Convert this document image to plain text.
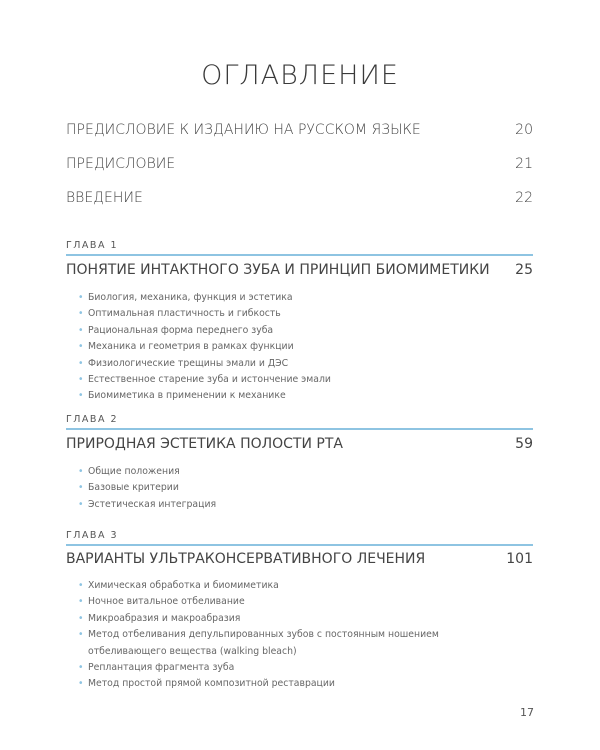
ОГЛАВЛЕНИЕ
ПРЕДИСЛОВИЕ К ИЗДАНИЮ НА РУССКОМ ЯЗЫКЕ	20
ПРЕДИСЛОВИЕ	21
ВВЕДЕНИЕ	22
ГЛАВА 1
ПОНЯТИЕ ИНТАКТНОГО ЗУБА И ПРИНЦИП БИОМИМЕТИКИ 25
• Биология, механика, функция и эстетика
• Оптимальная пластичность и гибкость
• Рациональная форма переднего зуба
• Механика и геометрия в рамках функции
• Физиологические трещины эмали и ДЭС
• Естественное старение зуба и истончение эмали
• Биомиметика в применении к механике
ГЛАВА 2
ПРИРОДНАЯ ЭСТЕТИКА ПОЛОСТИ РТА	59
• Общие положения
• Базовые критерии
• Эстетическая интеграция
ГЛАВА 3
ВАРИАНТЫ УЛЬТРАКОНСЕРВАТИВНОГО ЛЕЧЕНИЯ	101
• Химическая обработка и биомиметика
• Ночное витальное отбеливание
• Микроабразия и макроабразия
• Метод отбеливания депульпированных зубов с постоянным ношением
отбеливающего вещества (walking bleach)
• Реплантация фрагмента зуба
• Метод простой прямой композитной реставрации
17
